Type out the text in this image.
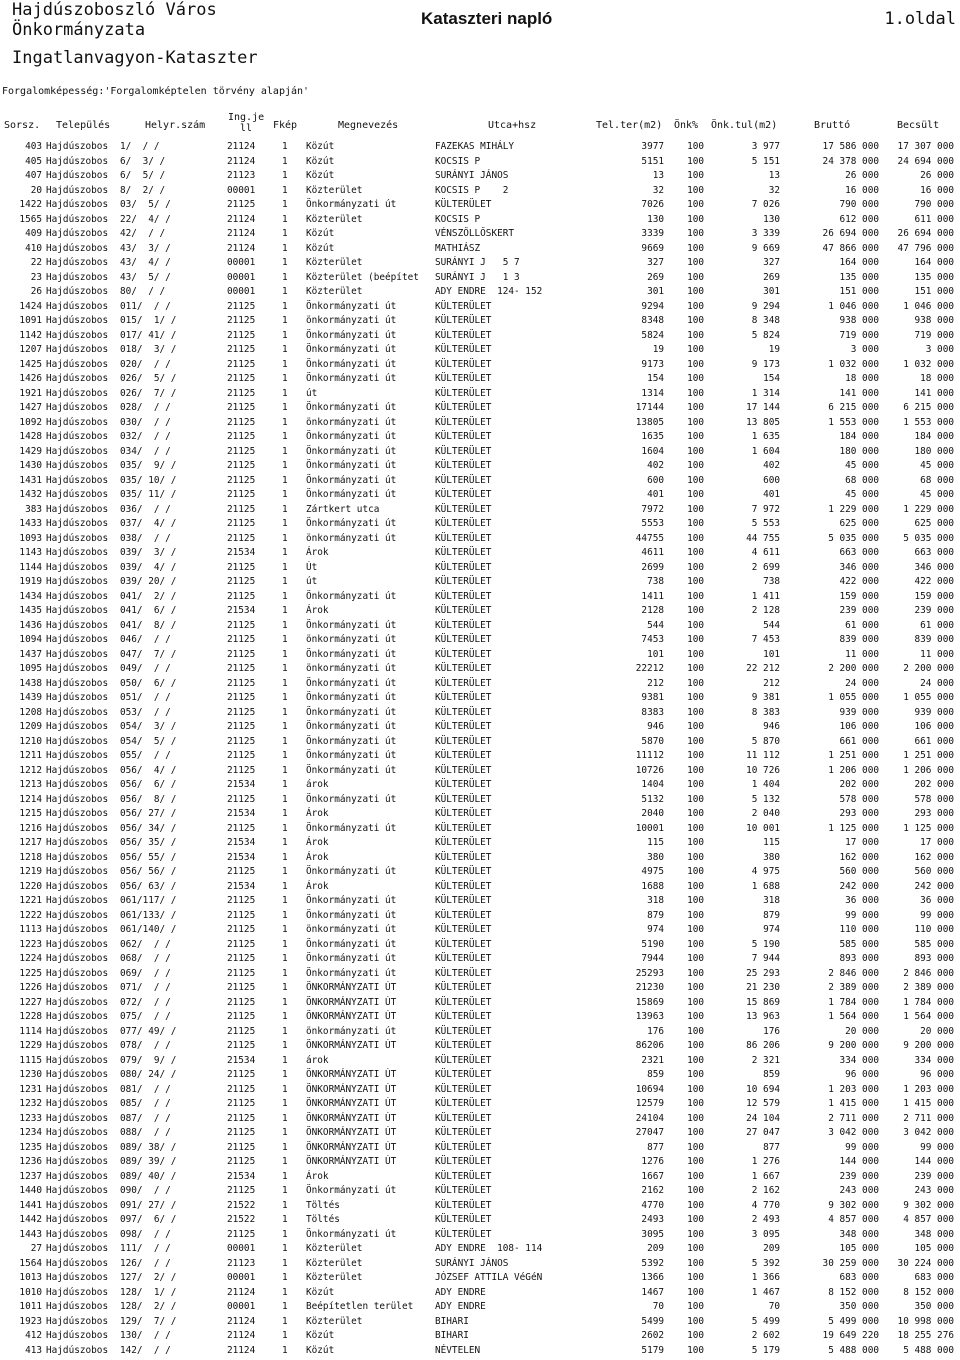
Hajdúszoboszló Város
Önkormányzata
Kataszteri napló	1.oldal
Ingatlanvagyon-Kataszter
Forgalomképesség:'Forgalomképtelen törvény alapján'
Sorsz. Település	Helyr.szám
Ing.je
ll	Fkép	Megnevezés	Utca+hsz	Tel.ter(m2) Önk% Önk.tul(m2)	Bruttó	Becsült
403 Hajdúszobos	1/  / /	21124	1	Közút	FAZEKAS MIHÁLY	3977	100	3 977	17 586 000	17 307 000
405 Hajdúszobos	6/  3/ /	21124	1	Közút	KOCSIS P	5151	100	5 151	24 378 000	24 694 000
407 Hajdúszobos	6/  5/ /	21123	1	Közút	SURÁNYI JÁNOS	13	100	13	26 000	26 000
20 Hajdúszobos	8/  2/ /	00001	1	Közterület	KOCSIS P    2	32	100	32	16 000	16 000
1422 Hajdúszobos	03/  5/ /	21125	1	Önkormányzati út	KÜLTERÜLET	7026	100	7 026	790 000	790 000
1565 Hajdúszobos	22/  4/ /	21124	1	Közterület	KOCSIS P	130	100	130	612 000	611 000
409 Hajdúszobos	42/  / /	21124	1	Közút	VÉNSZŐLLŐSKERT	3339	100	3 339	26 694 000	26 694 000
410 Hajdúszobos	43/  3/ /	21124	1	Közút	MATHIÁSZ	9669	100	9 669	47 866 000	47 796 000
22 Hajdúszobos	43/  4/ /	00001	1	Közterület	SURÁNYI J   5 7	327	100	327	164 000	164 000
23 Hajdúszobos	43/  5/ /	00001	1	Közterület (beépítet	SURÁNYI J   1 3	269	100	269	135 000	135 000
26 Hajdúszobos	80/  / /	00001	1	Közterület	ADY ENDRE  124- 152	301	100	301	151 000	151 000
1424 Hajdúszobos	011/  / /	21125	1	Önkormányzati út	KÜLTERÜLET	9294	100	9 294	1 046 000	1 046 000
1091 Hajdúszobos	015/  1/ /	21125	1	önkormányzati út	KÜLTERÜLET	8348	100	8 348	938 000	938 000
1142 Hajdúszobos	017/ 41/ /	21125	1	Önkormányzati út	KÜLTERÜLET	5824	100	5 824	719 000	719 000
1207 Hajdúszobos	018/  3/ /	21125	1	Önkormányzati út	KÜLTERÜLET	19	100	19	3 000	3 000
1425 Hajdúszobos	020/  / /	21125	1	Önkormányzati út	KÜLTERÜLET	9173	100	9 173	1 032 000	1 032 000
1426 Hajdúszobos	026/  5/ /	21125	1	Önkormányzati út	KÜLTERÜLET	154	100	154	18 000	18 000
1921 Hajdúszobos	026/  7/ /	21125	1	út	KÜLTERÜLET	1314	100	1 314	141 000	141 000
1427 Hajdúszobos	028/  / /	21125	1	Önkormányzati út	KÜLTERÜLET	17144	100	17 144	6 215 000	6 215 000
1092 Hajdúszobos	030/  / /	21125	1	önkormányzati út	KÜLTERÜLET	13805	100	13 805	1 553 000	1 553 000
1428 Hajdúszobos	032/  / /	21125	1	Önkormányzati út	KÜLTERÜLET	1635	100	1 635	184 000	184 000
1429 Hajdúszobos	034/  / /	21125	1	Önkormányzati út	KÜLTERÜLET	1604	100	1 604	180 000	180 000
1430 Hajdúszobos	035/  9/ /	21125	1	Önkormányzati út	KÜLTERÜLET	402	100	402	45 000	45 000
1431 Hajdúszobos	035/ 10/ /	21125	1	Önkormányzati út	KÜLTERÜLET	600	100	600	68 000	68 000
1432 Hajdúszobos	035/ 11/ /	21125	1	Önkormányzati út	KÜLTERÜLET	401	100	401	45 000	45 000
383 Hajdúszobos	036/  / /	21125	1	Zártkert utca	KÜLTERÜLET	7972	100	7 972	1 229 000	1 229 000
1433 Hajdúszobos	037/  4/ /	21125	1	Önkormányzati út	KÜLTERÜLET	5553	100	5 553	625 000	625 000
1093 Hajdúszobos	038/  / /	21125	1	önkormányzati út	KÜLTERÜLET	44755	100	44 755	5 035 000	5 035 000
1143 Hajdúszobos	039/  3/ /	21534	1	Árok	KÜLTERÜLET	4611	100	4 611	663 000	663 000
1144 Hajdúszobos	039/  4/ /	21125	1	Út	KÜLTERÜLET	2699	100	2 699	346 000	346 000
1919 Hajdúszobos	039/ 20/ /	21125	1	út	KÜLTERÜLET	738	100	738	422 000	422 000
1434 Hajdúszobos	041/  2/ /	21125	1	Önkormányzati út	KÜLTERÜLET	1411	100	1 411	159 000	159 000
1435 Hajdúszobos	041/  6/ /	21534	1	Árok	KÜLTERÜLET	2128	100	2 128	239 000	239 000
1436 Hajdúszobos	041/  8/ /	21125	1	Önkormányzati út	KÜLTERÜLET	544	100	544	61 000	61 000
1094 Hajdúszobos	046/  / /	21125	1	önkormányzati út	KÜLTERÜLET	7453	100	7 453	839 000	839 000
1437 Hajdúszobos	047/  7/ /	21125	1	Önkormányzati út	KÜLTERÜLET	101	100	101	11 000	11 000
1095 Hajdúszobos	049/  / /	21125	1	önkormányzati út	KÜLTERÜLET	22212	100	22 212	2 200 000	2 200 000
1438 Hajdúszobos	050/  6/ /	21125	1	Önkormányzati út	KÜLTERÜLET	212	100	212	24 000	24 000
1439 Hajdúszobos	051/  / /	21125	1	Önkormányzati út	KÜLTERÜLET	9381	100	9 381	1 055 000	1 055 000
1208 Hajdúszobos	053/  / /	21125	1	Önkormányzati út	KÜLTERÜLET	8383	100	8 383	939 000	939 000
1209 Hajdúszobos	054/  3/ /	21125	1	Önkormányzati út	KÜLTERÜLET	946	100	946	106 000	106 000
1210 Hajdúszobos	054/  5/ /	21125	1	Önkormányzati út	KÜLTERÜLET	5870	100	5 870	661 000	661 000
1211 Hajdúszobos	055/  / /	21125	1	Önkormányzati út	KÜLTERÜLET	11112	100	11 112	1 251 000	1 251 000
1212 Hajdúszobos	056/  4/ /	21125	1	Önkormányzati út	KÜLTERÜLET	10726	100	10 726	1 206 000	1 206 000
1213 Hajdúszobos	056/  6/ /	21534	1	árok	KÜLTERÜLET	1404	100	1 404	202 000	202 000
1214 Hajdúszobos	056/  8/ /	21125	1	Önkormányzati út	KÜLTERÜLET	5132	100	5 132	578 000	578 000
1215 Hajdúszobos	056/ 27/ /	21534	1	Árok	KÜLTERÜLET	2040	100	2 040	293 000	293 000
1216 Hajdúszobos	056/ 34/ /	21125	1	Önkormányzati út	KÜLTERÜLET	10001	100	10 001	1 125 000	1 125 000
1217 Hajdúszobos	056/ 35/ /	21534	1	Árok	KÜLTERÜLET	115	100	115	17 000	17 000
1218 Hajdúszobos	056/ 55/ /	21534	1	Árok	KÜLTERÜLET	380	100	380	162 000	162 000
1219 Hajdúszobos	056/ 56/ /	21125	1	Önkormányzati út	KÜLTERÜLET	4975	100	4 975	560 000	560 000
1220 Hajdúszobos	056/ 63/ /	21534	1	Árok	KÜLTERÜLET	1688	100	1 688	242 000	242 000
1221 Hajdúszobos	061/117/ /	21125	1	Önkormányzati út	KÜLTERÜLET	318	100	318	36 000	36 000
1222 Hajdúszobos	061/133/ /	21125	1	Önkormányzati út	KÜLTERÜLET	879	100	879	99 000	99 000
1113 Hajdúszobos	061/140/ /	21125	1	önkormányzati út	KÜLTERÜLET	974	100	974	110 000	110 000
1223 Hajdúszobos	062/  / /	21125	1	Önkormányzati út	KÜLTERÜLET	5190	100	5 190	585 000	585 000
1224 Hajdúszobos	068/  / /	21125	1	Önkormányzati út	KÜLTERÜLET	7944	100	7 944	893 000	893 000
1225 Hajdúszobos	069/  / /	21125	1	Önkormányzati út	KÜLTERÜLET	25293	100	25 293	2 846 000	2 846 000
1226 Hajdúszobos	071/  / /	21125	1	ÖNKORMÁNYZATI ÚT	KÜLTERÜLET	21230	100	21 230	2 389 000	2 389 000
1227 Hajdúszobos	072/  / /	21125	1	ÖNKORMÁNYZATI ÚT	KÜLTERÜLET	15869	100	15 869	1 784 000	1 784 000
1228 Hajdúszobos	075/  / /	21125	1	ÖNKORMÁNYZATI ÚT	KÜLTERÜLET	13963	100	13 963	1 564 000	1 564 000
1114 Hajdúszobos	077/ 49/ /	21125	1	önkormányzati út	KÜLTERÜLET	176	100	176	20 000	20 000
1229 Hajdúszobos	078/  / /	21125	1	ÖNKORMÁNYZATI ÚT	KÜLTERÜLET	86206	100	86 206	9 200 000	9 200 000
1115 Hajdúszobos	079/  9/ /	21534	1	árok	KÜLTERÜLET	2321	100	2 321	334 000	334 000
1230 Hajdúszobos	080/ 24/ /	21125	1	ÖNKORMÁNYZATI ÚT	KÜLTERÜLET	859	100	859	96 000	96 000
1231 Hajdúszobos	081/  / /	21125	1	ÖNKORMÁNYZATI ÚT	KÜLTERÜLET	10694	100	10 694	1 203 000	1 203 000
1232 Hajdúszobos	085/  / /	21125	1	ÖNKORMÁNYZATI ÚT	KÜLTERÜLET	12579	100	12 579	1 415 000	1 415 000
1233 Hajdúszobos	087/  / /	21125	1	ÖNKORMÁNYZATI ÚT	KÜLTERÜLET	24104	100	24 104	2 711 000	2 711 000
1234 Hajdúszobos	088/  / /	21125	1	ÖNKORMÁNYZATI ÚT	KÜLTERÜLET	27047	100	27 047	3 042 000	3 042 000
1235 Hajdúszobos	089/ 38/ /	21125	1	ÖNKORMÁNYZATI ÚT	KÜLTERÜLET	877	100	877	99 000	99 000
1236 Hajdúszobos	089/ 39/ /	21125	1	ÖNKORMÁNYZATI ÚT	KÜLTERÜLET	1276	100	1 276	144 000	144 000
1237 Hajdúszobos	089/ 40/ /	21534	1	Árok	KÜLTERÜLET	1667	100	1 667	239 000	239 000
1440 Hajdúszobos	090/  / /	21125	1	Önkormányzati út	KÜLTERÜLET	2162	100	2 162	243 000	243 000
1441 Hajdúszobos	091/ 27/ /	21522	1	Töltés	KÜLTERÜLET	4770	100	4 770	9 302 000	9 302 000
1442 Hajdúszobos	097/  6/ /	21522	1	Töltés	KÜLTERÜLET	2493	100	2 493	4 857 000	4 857 000
1443 Hajdúszobos	098/  / /	21125	1	Önkormányzati út	KÜLTERÜLET	3095	100	3 095	348 000	348 000
27 Hajdúszobos	111/  / /	00001	1	Közterület	ADY ENDRE  108- 114	209	100	209	105 000	105 000
1564 Hajdúszobos	126/  / /	21123	1	Közterület	SURÁNYI JÁNOS	5392	100	5 392	30 259 000	30 224 000
1013 Hajdúszobos	127/  2/ /	00001	1	Közterület	JÓZSEF ATTILA VéGéN	1366	100	1 366	683 000	683 000
1010 Hajdúszobos	128/  1/ /	21124	1	Közút	ADY ENDRE	1467	100	1 467	8 152 000	8 152 000
1011 Hajdúszobos	128/  2/ /	00001	1	Beépítetlen terület	ADY ENDRE	70	100	70	350 000	350 000
1923 Hajdúszobos	129/  7/ /	21124	1	Közterület	BIHARI	5499	100	5 499	5 499 000	10 998 000
412 Hajdúszobos	130/  / /	21124	1	Közút	BIHARI	2602	100	2 602	19 649 220	18 255 276
413 Hajdúszobos	142/  / /	21124	1	Közút	NÉVTELEN	5179	100	5 179	5 488 000	5 488 000
